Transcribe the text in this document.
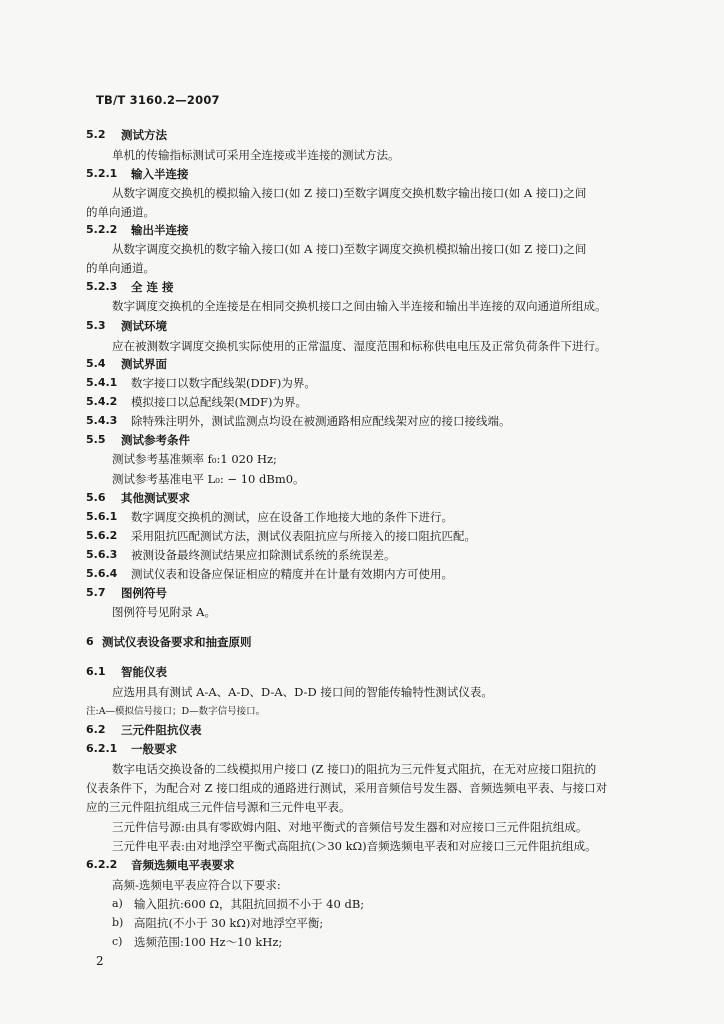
TB/T 3160.2—2007
5.2 测试方法
单机的传输指标测试可采用全连接或半连接的测试方法。
5.2.1 输入半连接
从数字调度交换机的模拟输入接口(如 Z 接口)至数字调度交换机数字输出接口(如 A 接口)之间
的单向通道。
5.2.2 输出半连接
从数字调度交换机的数字输入接口(如 A 接口)至数字调度交换机模拟输出接口(如 Z 接口)之间
的单向通道。
5.2.3 全 连 接
数字调度交换机的全连接是在相同交换机接口之间由输入半连接和输出半连接的双向通道所组成。
5.3 测试环境
应在被测数字调度交换机实际使用的正常温度、湿度范围和标称供电电压及正常负荷条件下进行。
5.4 测试界面
5.4.1 数字接口以数字配线架(DDF)为界。
5.4.2 模拟接口以总配线架(MDF)为界。
5.4.3 除特殊注明外，测试监测点均设在被测通路相应配线架对应的接口接线端。
5.5 测试参考条件
测试参考基准频率 f₀:1 020 Hz;
测试参考基准电平 L₀: − 10 dBm0。
5.6 其他测试要求
5.6.1 数字调度交换机的测试，应在设备工作地接大地的条件下进行。
5.6.2 采用阻抗匹配测试方法，测试仪表阻抗应与所接入的接口阻抗匹配。
5.6.3 被测设备最终测试结果应扣除测试系统的系统误差。
5.6.4 测试仪表和设备应保证相应的精度并在计量有效期内方可使用。
5.7 图例符号
图例符号见附录 A。
6 测试仪表设备要求和抽查原则
6.1 智能仪表
应选用具有测试 A-A、A-D、D-A、D-D 接口间的智能传输特性测试仪表。
注:A—模拟信号接口；D—数字信号接口。
6.2 三元件阻抗仪表
6.2.1 一般要求
数字电话交换设备的二线模拟用户接口 (Z 接口)的阻抗为三元件复式阻抗，在无对应接口阻抗的
仪表条件下，为配合对 Z 接口组成的通路进行测试，采用音频信号发生器、音频选频电平表、与接口对
应的三元件阻抗组成三元件信号源和三元件电平表。
三元件信号源:由具有零欧姆内阻、对地平衡式的音频信号发生器和对应接口三元件阻抗组成。
三元件电平表:由对地浮空平衡式高阻抗(＞30 kΩ)音频选频电平表和对应接口三元件阻抗组成。
6.2.2 音频选频电平表要求
高频-选频电平表应符合以下要求:
a) 输入阻抗:600 Ω，其阻抗回损不小于 40 dB;
b) 高阻抗(不小于 30 kΩ)对地浮空平衡;
c) 选频范围:100 Hz～10 kHz;
2
